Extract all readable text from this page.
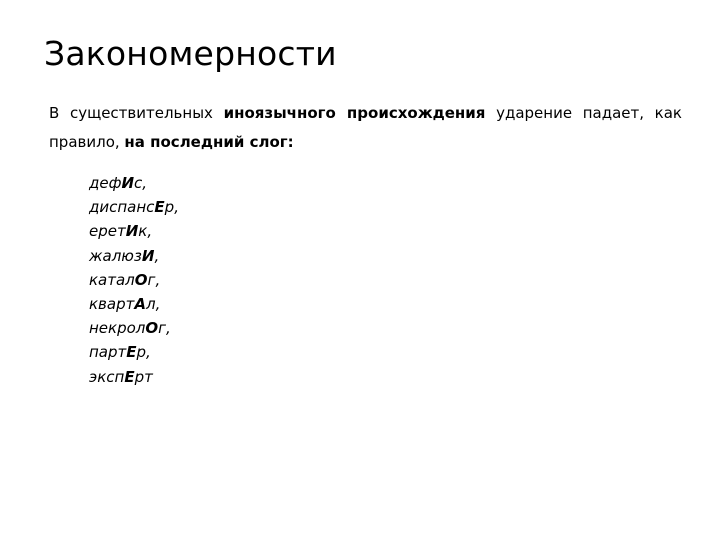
Закономерности
В существительных иноязычного происхождения ударение падает, как правило, на последний слог:
дефИс,
диспансЕр,
еретИк,
жалюзИ,
каталОг,
квартАл,
некролОг,
партЕр,
экспЕрт
